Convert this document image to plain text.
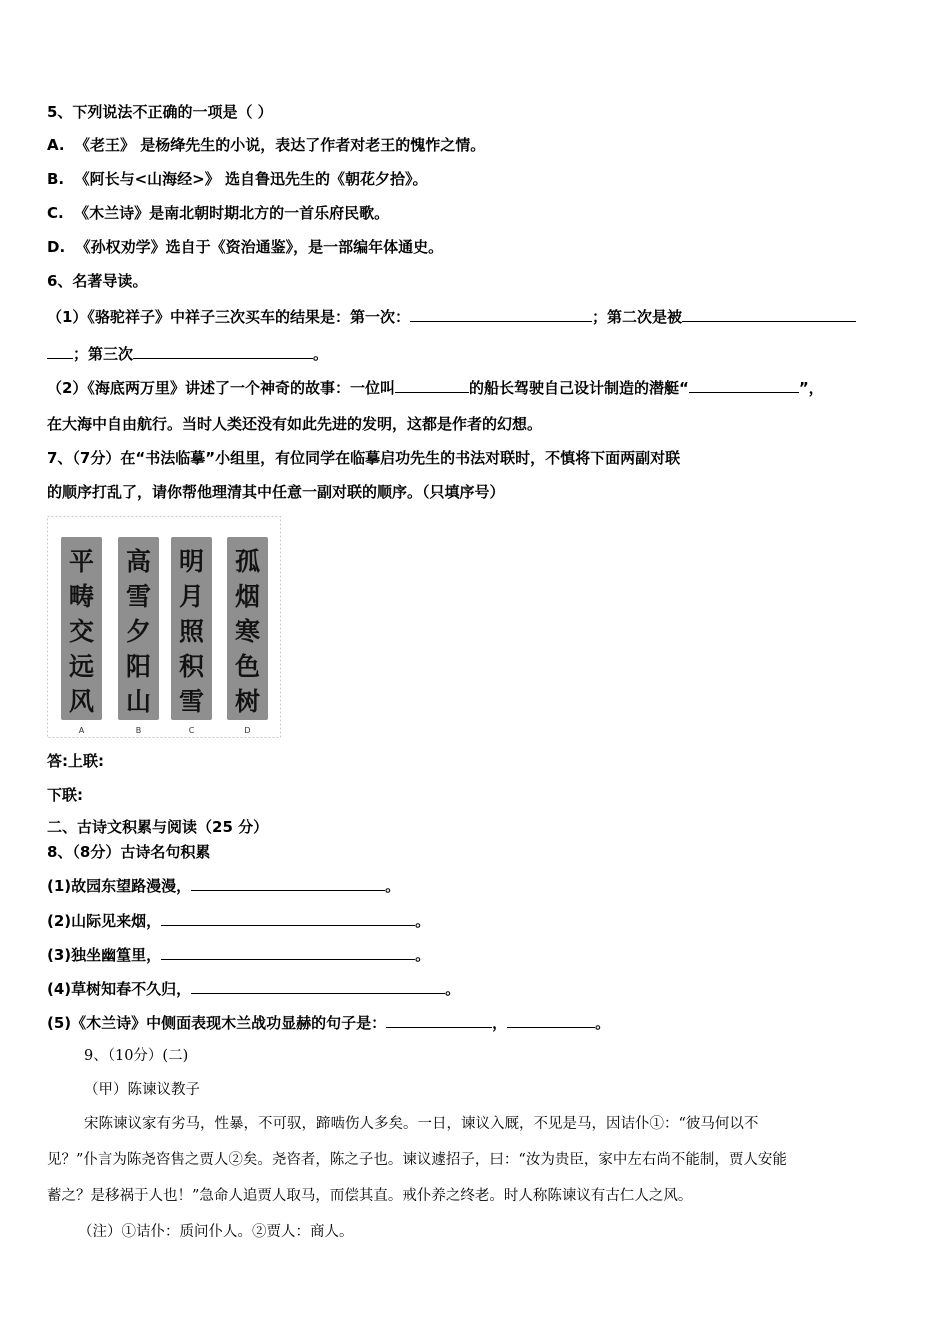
5、下列说法不正确的一项是（ ）
A. 《老王》 是杨绛先生的小说，表达了作者对老王的愧怍之情。
B. 《阿长与<山海经>》 选自鲁迅先生的《朝花夕拾》。
C. 《木兰诗》是南北朝时期北方的一首乐府民歌。
D. 《孙权劝学》选自于《资治通鉴》，是一部编年体通史。
6、名著导读。
（1）《骆驼祥子》中祥子三次买车的结果是：第一次：	；第二次是被
；第三次	。
（2）《海底两万里》讲述了一个神奇的故事：一位叫	的船长驾驶自己设计制造的潜艇“	”，
在大海中自由航行。当时人类还没有如此先进的发明，这都是作者的幻想。
7、（7分）在“书法临摹”小组里，有位同学在临摹启功先生的书法对联时，不慎将下面两副对联
的顺序打乱了，请你帮他理清其中任意一副对联的顺序。（只填序号）
平
畴
交
远
风
A
高
雪
夕
阳
山
B
明
月
照
积
雪
C
孤
烟
寒
色
树
D
答:上联:
下联:
二、古诗文积累与阅读（25 分）
8、（8分）古诗名句积累
(1)故园东望路漫漫，	。
(2)山际见来烟，	。
(3)独坐幽篁里，	。
(4)草树知春不久归，	。
(5)《木兰诗》中侧面表现木兰战功显赫的句子是：	，	。
9、（10分）(二)
（甲）陈谏议教子
宋陈谏议家有劣马，性暴，不可驭，蹄啮伤人多矣。一日，谏议入厩，不见是马，因诘仆①：“彼马何以不
见？”仆言为陈尧咨售之贾人②矣。尧咨者，陈之子也。谏议遽招子，曰：“汝为贵臣，家中左右尚不能制，贾人安能
蓄之？是移祸于人也！”急命人追贾人取马，而偿其直。戒仆养之终老。时人称陈谏议有古仁人之风。
（注）①诘仆：质问仆人。②贾人：商人。
